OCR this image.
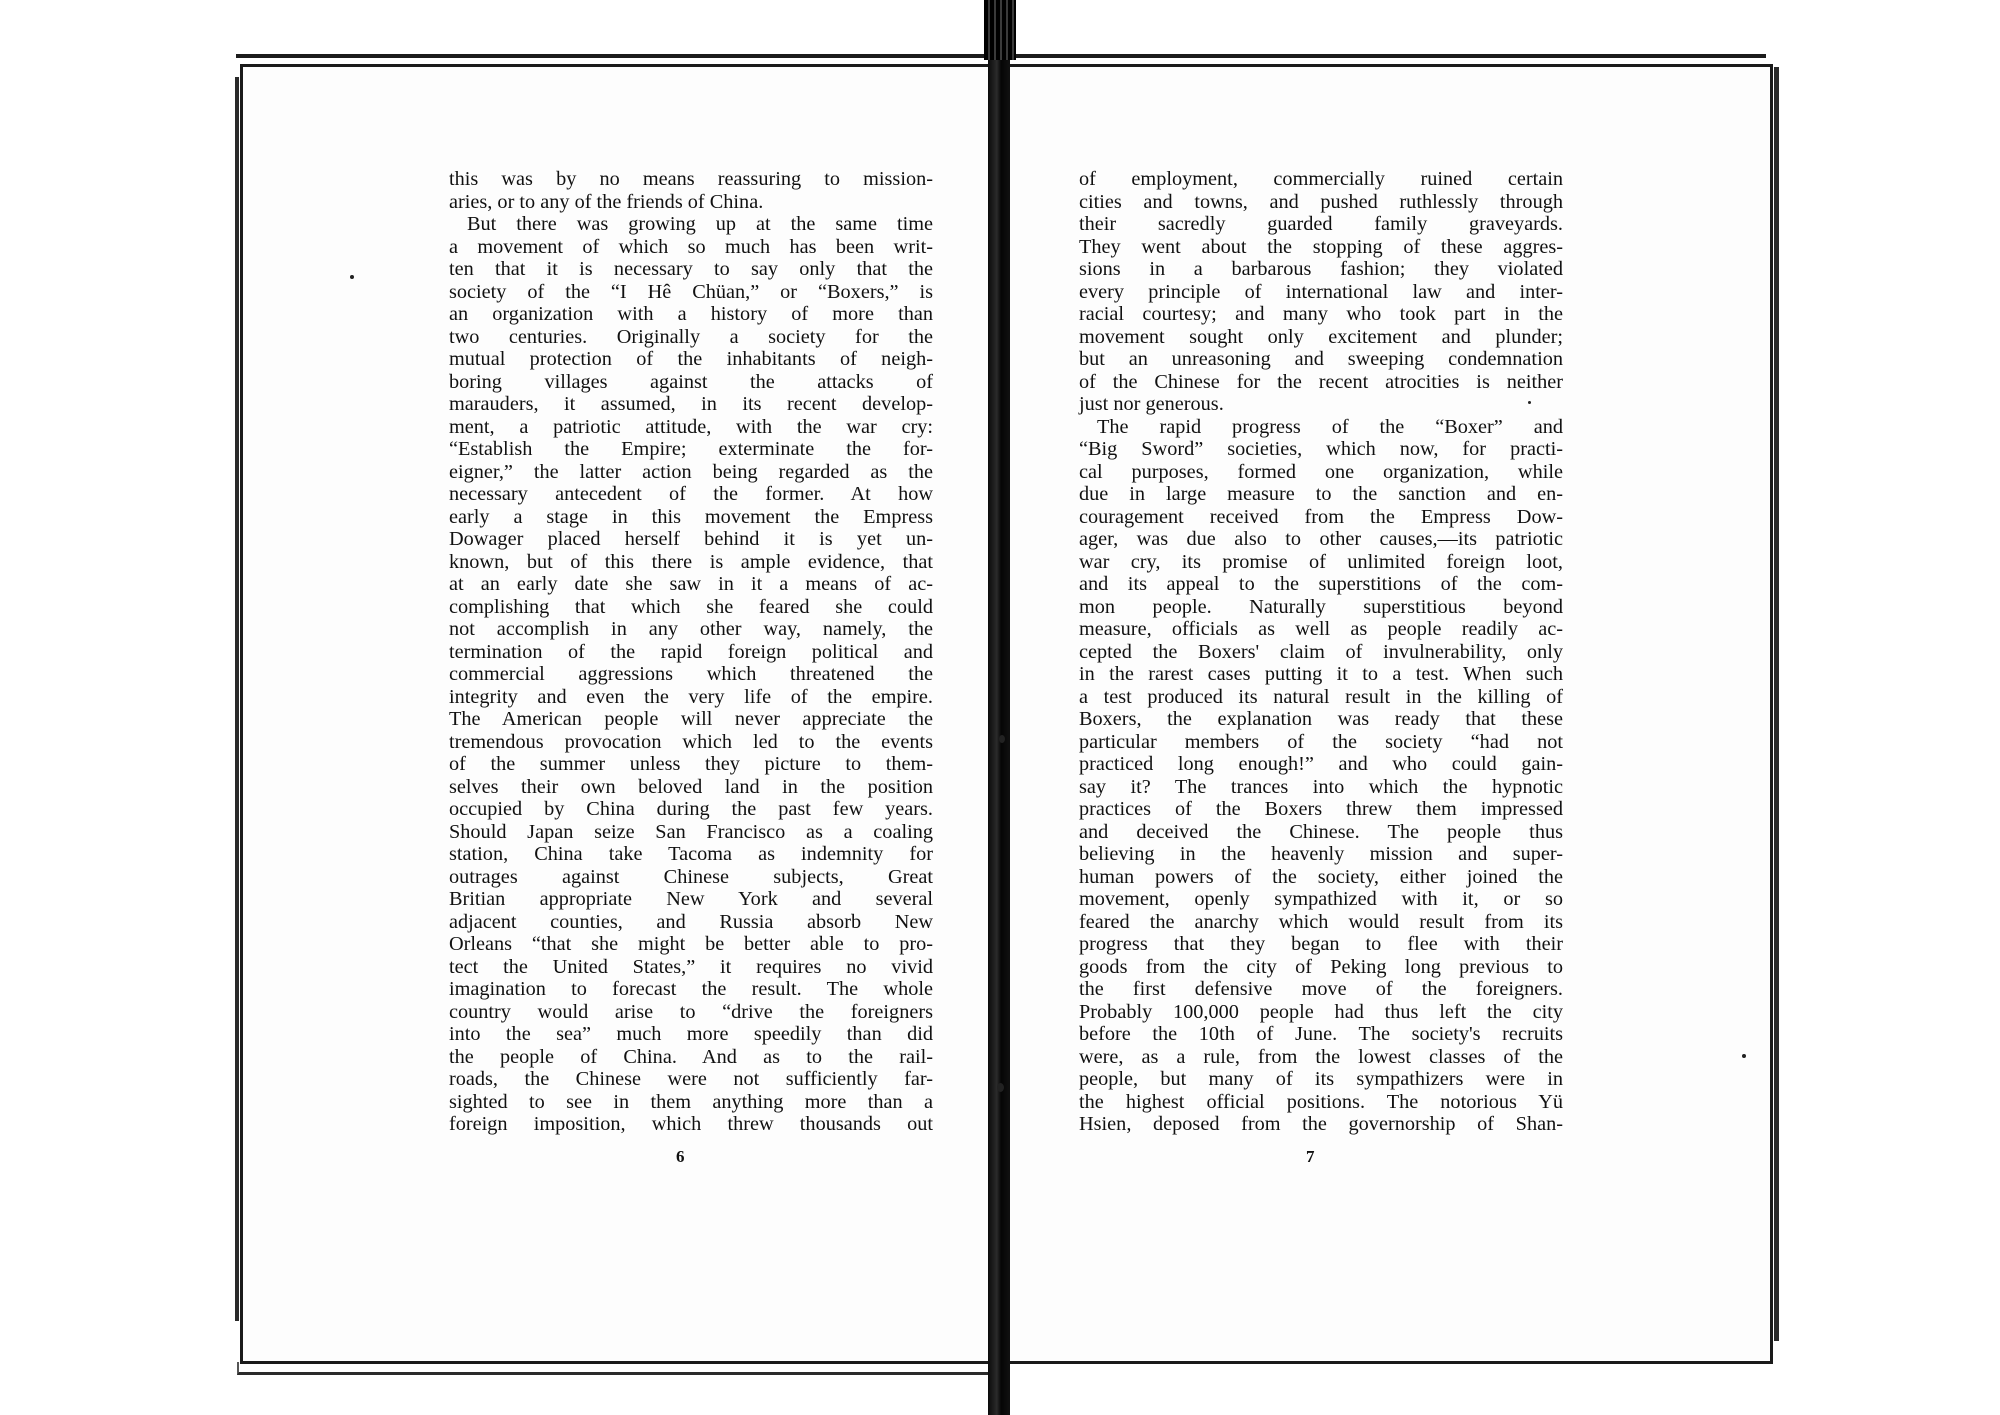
this was by no means reassuring to mission-
aries, or to any of the friends of China.
But there was growing up at the same time
a movement of which so much has been writ-
ten that it is necessary to say only that the
society of the “I Hê Chüan,” or “Boxers,” is
an organization with a history of more than
two centuries. Originally a society for the
mutual protection of the inhabitants of neigh-
boring villages against the attacks of
marauders, it assumed, in its recent develop-
ment, a patriotic attitude, with the war cry:
“Establish the Empire; exterminate the for-
eigner,” the latter action being regarded as the
necessary antecedent of the former. At how
early a stage in this movement the Empress
Dowager placed herself behind it is yet un-
known, but of this there is ample evidence, that
at an early date she saw in it a means of ac-
complishing that which she feared she could
not accomplish in any other way, namely, the
termination of the rapid foreign political and
commercial aggressions which threatened the
integrity and even the very life of the empire.
The American people will never appreciate the
tremendous provocation which led to the events
of the summer unless they picture to them-
selves their own beloved land in the position
occupied by China during the past few years.
Should Japan seize San Francisco as a coaling
station, China take Tacoma as indemnity for
outrages against Chinese subjects, Great
Britian appropriate New York and several
adjacent counties, and Russia absorb New
Orleans “that she might be better able to pro-
tect the United States,” it requires no vivid
imagination to forecast the result. The whole
country would arise to “drive the foreigners
into the sea” much more speedily than did
the people of China. And as to the rail-
roads, the Chinese were not sufficiently far-
sighted to see in them anything more than a
foreign imposition, which threw thousands out
of employment, commercially ruined certain
cities and towns, and pushed ruthlessly through
their sacredly guarded family graveyards.
They went about the stopping of these aggres-
sions in a barbarous fashion; they violated
every principle of international law and inter-
racial courtesy; and many who took part in the
movement sought only excitement and plunder;
but an unreasoning and sweeping condemnation
of the Chinese for the recent atrocities is neither
just nor generous.
The rapid progress of the “Boxer” and
“Big Sword” societies, which now, for practi-
cal purposes, formed one organization, while
due in large measure to the sanction and en-
couragement received from the Empress Dow-
ager, was due also to other causes,—its patriotic
war cry, its promise of unlimited foreign loot,
and its appeal to the superstitions of the com-
mon people. Naturally superstitious beyond
measure, officials as well as people readily ac-
cepted the Boxers' claim of invulnerability, only
in the rarest cases putting it to a test. When such
a test produced its natural result in the killing of
Boxers, the explanation was ready that these
particular members of the society “had not
practiced long enough!” and who could gain-
say it? The trances into which the hypnotic
practices of the Boxers threw them impressed
and deceived the Chinese. The people thus
believing in the heavenly mission and super-
human powers of the society, either joined the
movement, openly sympathized with it, or so
feared the anarchy which would result from its
progress that they began to flee with their
goods from the city of Peking long previous to
the first defensive move of the foreigners.
Probably 100,000 people had thus left the city
before the 10th of June. The society's recruits
were, as a rule, from the lowest classes of the
people, but many of its sympathizers were in
the highest official positions. The notorious Yü
Hsien, deposed from the governorship of Shan-
6	7
